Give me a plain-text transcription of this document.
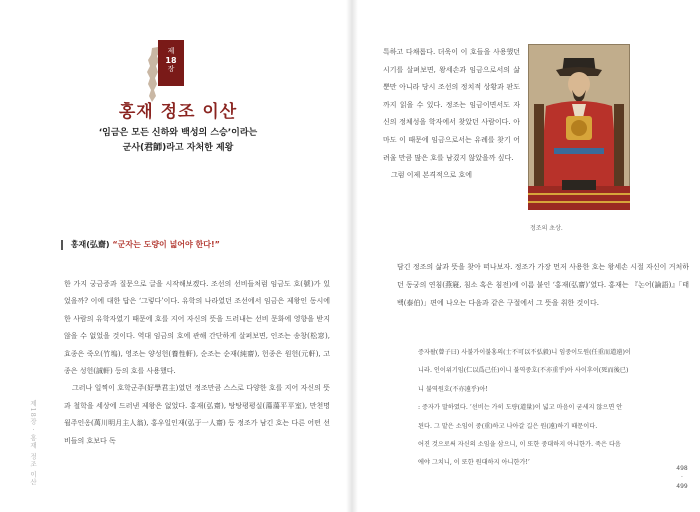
제
18
장
홍재 정조 이산
‘임금은 모든 신하와 백성의 스승’이라는
군사(君師)라고 자처한 제왕
홍재(弘齋) “군자는 도량이 넓어야 한다!”

한 가지 궁금증과 질문으로 글을 시작해보겠다. 조선의 선비들처럼 임금도 호(號)가 있었을까? 이에 대한 답은 ‘그렇다’이다. 유학의 나라였던 조선에서 임금은 제왕인 동시에 한 사람의 유학자였기 때문에 호를 지어 자신의 뜻을 드러내는 선비 문화에 영향을 받지 않을 수 없었을 것이다. 역대 임금의 호에 관해 간단하게 살펴보면, 인조는 송창(松窓), 효종은 죽오(竹塢), 영조는 양성헌(養性軒), 순조는 순재(純齋), 헌종은 원헌(元軒), 고종은 성헌(誠軒) 등의 호를 사용했다.

그러나 일찍이 호학군주(好學君主)였던 정조만큼 스스로 다양한 호를 지어 자신의 뜻과 철학을 세상에 드러낸 제왕은 없었다. 홍재(弘齋), 탕탕평평실(蕩蕩平平室), 만천명월주인옹(萬川明月主人翁), 홍우일인재(弘于一人齋) 등 정조가 남긴 호는 다른 어떤 선비들의 호보다 독

제18장 · 홍재 정조 이산

특하고 다채롭다. 더욱이 이 호들을 사용했던 시기를 살펴보면, 왕세손과 임금으로서의 삶뿐만 아니라 당시 조선의 정치적 상황과 판도까지 읽을 수 있다. 정조는 임금이면서도 자신의 정체성을 학자에서 찾았던 사람이다. 아마도 이 때문에 임금으로서는 유례를 찾기 어려울 만큼 많은 호를 남겼지 않았을까 싶다.

그럼 이제 본격적으로 호에

정조의 초상.

담긴 정조의 삶과 뜻을 찾아 떠나보자. 정조가 가장 먼저 사용한 호는 왕세손 시절 자신이 거처하던 동궁의 연침(燕寢, 침소 혹은 침전)에 이름 붙인 ‘홍재(弘齋)’였다. 홍재는 『논어(論語)』「태백(泰伯)」편에 나오는 다음과 같은 구절에서 그 뜻을 취한 것이다.

증자왈(曾子曰) 사불가이불홍의(士不可以不弘毅)니 임중이도원(任重而道遠)이

니라. 인이위기임(仁以爲己任)이니 불역중호(不亦重乎)아 사이후이(死而後已)

니 불역원호(不亦遠乎)아!

: 증자가 말하였다. ‘선비는 가히 도량(道量)이 넓고 마음이 굳세지 않으면 안

된다. 그 맡은 소임이 중(重)하고 나아갈 길은 원(遠)하기 때문이다.

어진 것으로써 자신의 소임을 삼으니, 이 또한 중대하지 아니한가. 죽은 다음

에야 그치니, 이 또한 원대하지 아니한가!’

498
·
499
